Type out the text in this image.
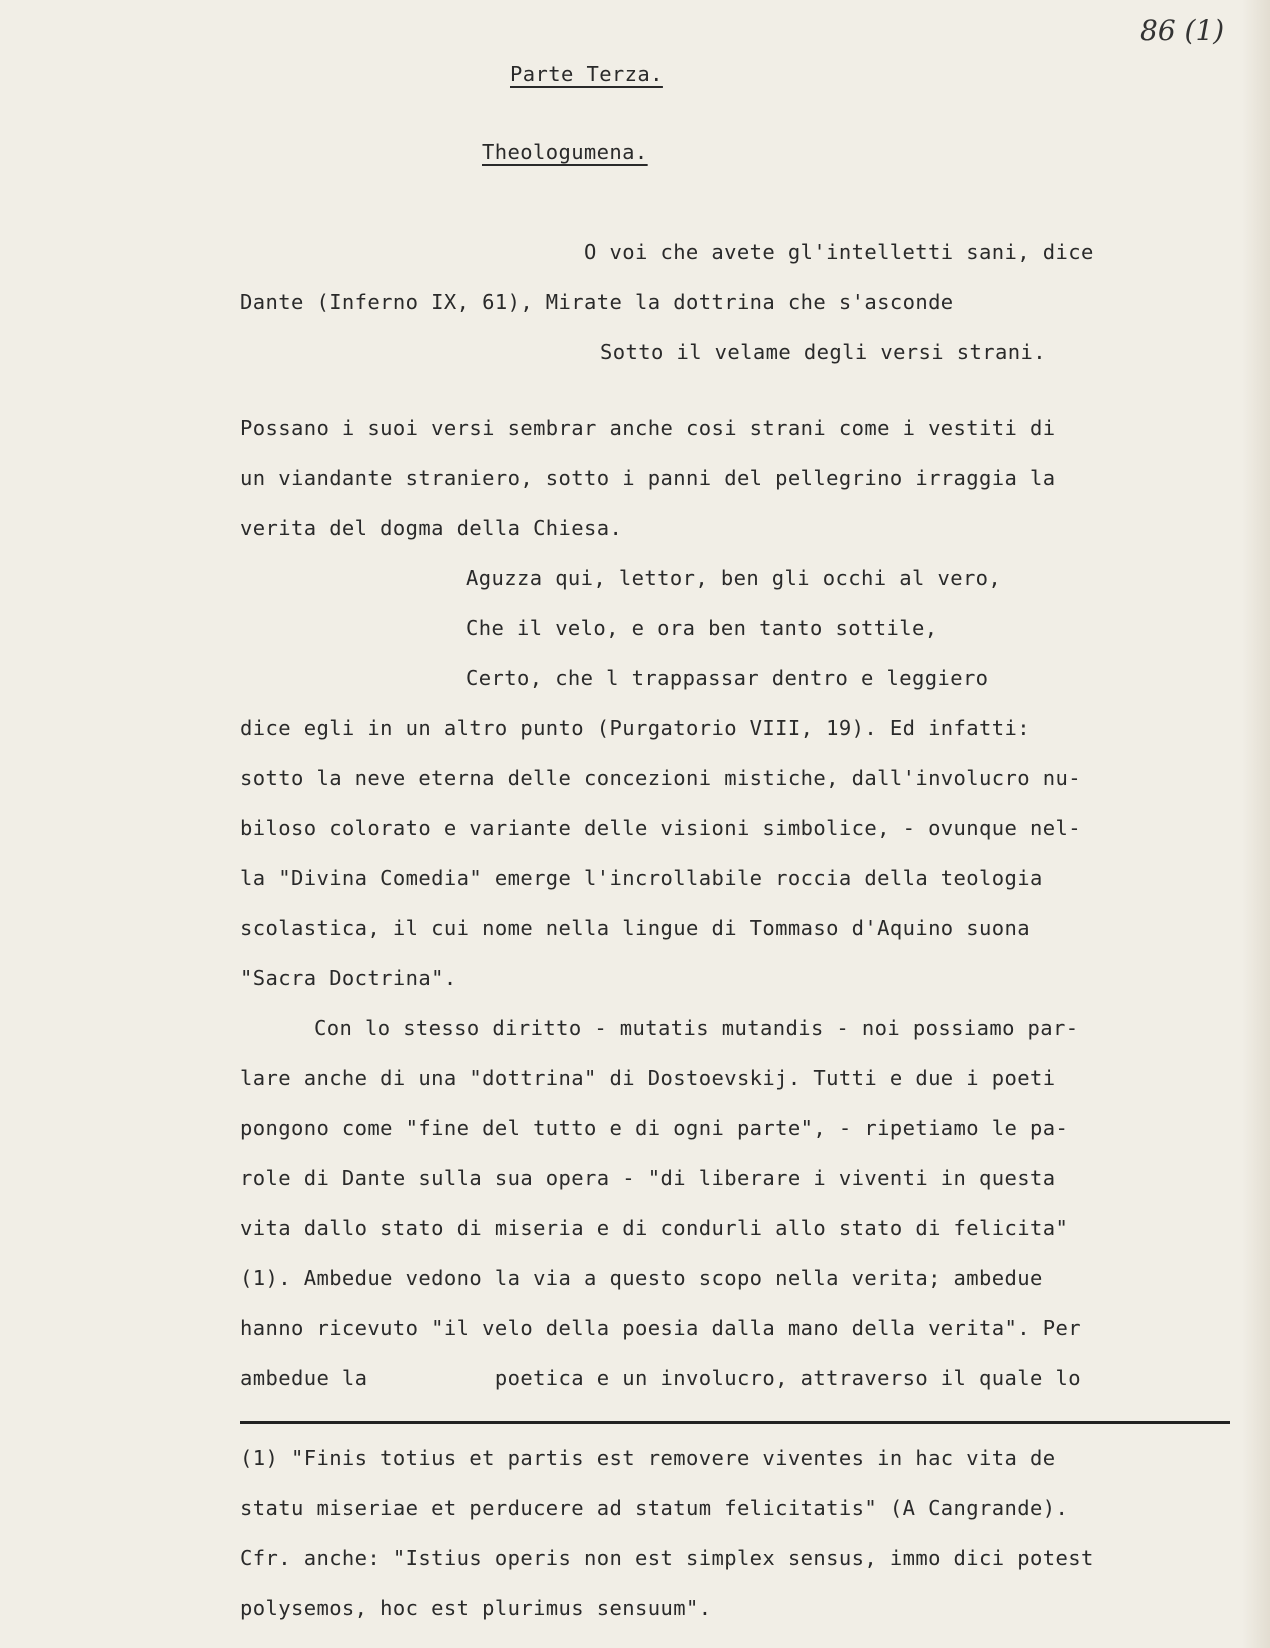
86 (1)
Parte Terza.
Theologumena.
O voi che avete gl'intelletti sani, dice
Dante (Inferno IX, 61), Mirate la dottrina che s'asconde
Sotto il velame degli versi strani.
Possano i suoi versi sembrar anche cosi strani come i vestiti di
un viandante straniero, sotto i panni del pellegrino irraggia la
verita del dogma della Chiesa.
Aguzza qui, lettor, ben gli occhi al vero,
Che il velo, e ora ben tanto sottile,
Certo, che l trappassar dentro e leggiero
dice egli in un altro punto (Purgatorio VIII, 19). Ed infatti:
sotto la neve eterna delle concezioni mistiche, dall'involucro nu-
biloso colorato e variante delle visioni simbolice, - ovunque nel-
la "Divina Comedia" emerge l'incrollabile roccia della teologia
scolastica, il cui nome nella lingue di Tommaso d'Aquino suona
"Sacra Doctrina".
Con lo stesso diritto - mutatis mutandis - noi possiamo par-
lare anche di una "dottrina" di Dostoevskij. Tutti e due i poeti
pongono come "fine del tutto e di ogni parte", - ripetiamo le pa-
role di Dante sulla sua opera - "di liberare i viventi in questa
vita dallo stato di miseria e di condurli allo stato di felicita"
(1). Ambedue vedono la via a questo scopo nella verita; ambedue
hanno ricevuto "il velo della poesia dalla mano della verita". Per
ambedue la          poetica e un involucro, attraverso il quale lo
(1) "Finis totius et partis est removere viventes in hac vita de
statu miseriae et perducere ad statum felicitatis" (A Cangrande).
Cfr. anche: "Istius operis non est simplex sensus, immo dici potest
polysemos, hoc est plurimus sensuum".
